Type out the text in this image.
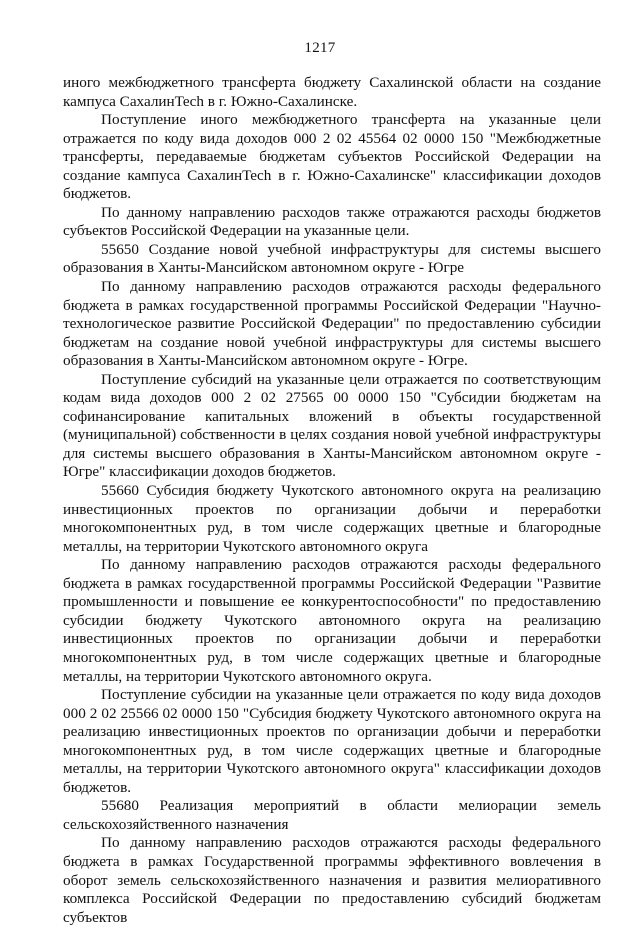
1217

иного межбюджетного трансферта бюджету Сахалинской области на создание кампуса СахалинTech в г. Южно-Сахалинске.

Поступление иного межбюджетного трансферта на указанные цели отражается по коду вида доходов 000 2 02 45564 02 0000 150 "Межбюджетные трансферты, передаваемые бюджетам субъектов Российской Федерации на создание кампуса СахалинTech в г. Южно-Сахалинске" классификации доходов бюджетов.

По данному направлению расходов также отражаются расходы бюджетов субъектов Российской Федерации на указанные цели.

55650 Создание новой учебной инфраструктуры для системы высшего образования в Ханты-Мансийском автономном округе - Югре

По данному направлению расходов отражаются расходы федерального бюджета в рамках государственной программы Российской Федерации "Научно-технологическое развитие Российской Федерации" по предоставлению субсидии бюджетам на создание новой учебной инфраструктуры для системы высшего образования в Ханты-Мансийском автономном округе - Югре.

Поступление субсидий на указанные цели отражается по соответствующим кодам вида доходов 000 2 02 27565 00 0000 150 "Субсидии бюджетам на софинансирование капитальных вложений в объекты государственной (муниципальной) собственности в целях создания новой учебной инфраструктуры для системы высшего образования в Ханты-Мансийском автономном округе - Югре" классификации доходов бюджетов.

55660 Субсидия бюджету Чукотского автономного округа на реализацию инвестиционных проектов по организации добычи и переработки многокомпонентных руд, в том числе содержащих цветные и благородные металлы, на территории Чукотского автономного округа

По данному направлению расходов отражаются расходы федерального бюджета в рамках государственной программы Российской Федерации "Развитие промышленности и повышение ее конкурентоспособности" по предоставлению субсидии бюджету Чукотского автономного округа на реализацию инвестиционных проектов по организации добычи и переработки многокомпонентных руд, в том числе содержащих цветные и благородные металлы, на территории Чукотского автономного округа.

Поступление субсидии на указанные цели отражается по коду вида доходов 000 2 02 25566 02 0000 150 "Субсидия бюджету Чукотского автономного округа на реализацию инвестиционных проектов по организации добычи и переработки многокомпонентных руд, в том числе содержащих цветные и благородные металлы, на территории Чукотского автономного округа" классификации доходов бюджетов.

55680 Реализация мероприятий в области мелиорации земель сельскохозяйственного назначения

По данному направлению расходов отражаются расходы федерального бюджета в рамках Государственной программы эффективного вовлечения в оборот земель сельскохозяйственного назначения и развития мелиоративного комплекса Российской Федерации по предоставлению субсидий бюджетам субъектов
